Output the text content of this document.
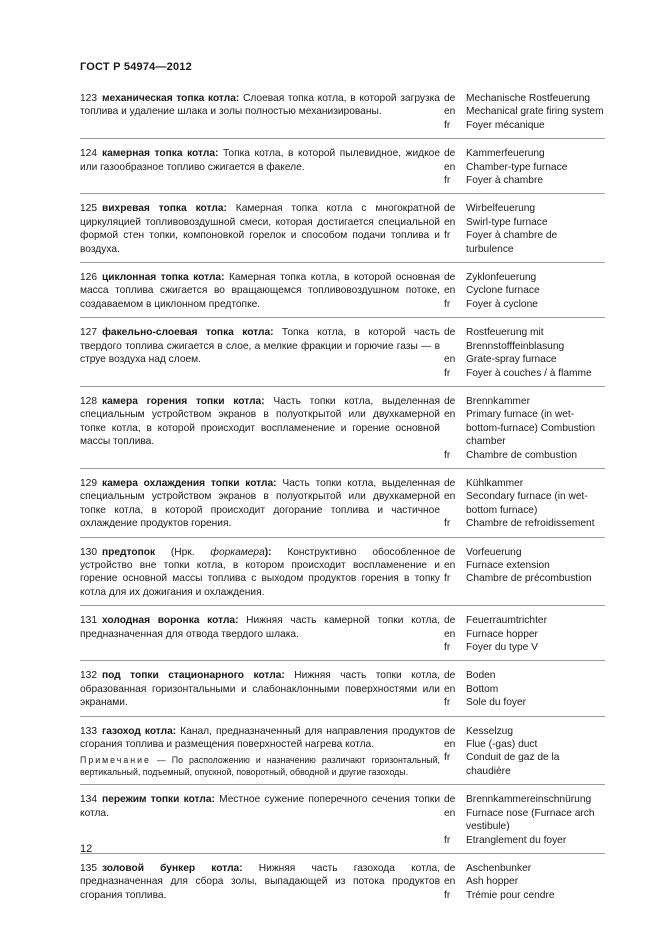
ГОСТ Р 54974—2012
123 механическая топка котла: Слоевая топка котла, в которой загрузка топлива и удаление шлака и золы полностью механизированы.
de	Mechanische Rostfeuerung
en	Mechanical grate firing system
fr	Foyer mécanique
124 камерная топка котла: Топка котла, в которой пылевидное, жидкое или газообразное топливо сжигается в факеле.
de	Kammerfeuerung
en	Chamber-type furnace
fr	Foyer à chambre
125 вихревая топка котла: Камерная топка котла с многократной циркуляцией топливовоздушной смеси, которая достигается специальной формой стен топки, компоновкой горелок и способом подачи топлива и воздуха.
de	Wirbelfeuerung
en	Swirl-type furnace
fr	Foyer à chambre de turbulence
126 циклонная топка котла: Камерная топка котла, в которой основная масса топлива сжигается во вращающемся топливовоздушном потоке, создаваемом в циклонном предтопке.
de	Zyklonfeuerung
en	Cyclone furnace
fr	Foyer à cyclone
127 факельно-слоевая топка котла: Топка котла, в которой часть твердого топлива сжигается в слое, а мелкие фракции и горючие газы — в струе воздуха над слоем.
de	Rostfeuerung mit Brennstofffeinblasung
en	Grate-spray furnace
fr	Foyer à couches / à flamme
128 камера горения топки котла: Часть топки котла, выделенная специальным устройством экранов в полуоткрытой или двухкамерной топке котла, в которой происходит воспламенение и горение основной массы топлива.
de	Brennkammer
en	Primary furnace (in wet-bottom-furnace) Combustion chamber
fr	Chambre de combustion
129 камера охлаждения топки котла: Часть топки котла, выделенная специальным устройством экранов в полуоткрытой или двухкамерной топке котла, в которой происходит догорание топлива и частичное охлаждение продуктов горения.
de	Kühlkammer
en	Secondary furnace (in wet-bottom furnace)
fr	Chambre de refroidissement
130 предтопок (Нрк. форкамера): Конструктивно обособленное устройство вне топки котла, в котором происходит воспламенение и горение основной массы топлива с выходом продуктов горения в топку котла для их дожигания и охлаждения.
de	Vorfeuerung
en	Furnace extension
fr	Chambre de précombustion
131 холодная воронка котла: Нижняя часть камерной топки котла, предназначенная для отвода твердого шлака.
de	Feuerraumtrichter
en	Furnace hopper
fr	Foyer du type V
132 под топки стационарного котла: Нижняя часть топки котла, образованная горизонтальными и слабонаклонными поверхностями или экранами.
de	Boden
en	Bottom
fr	Sole du foyer
133 газоход котла: Канал, предназначенный для направления продуктов сгорания топлива и размещения поверхностей нагрева котла.
Примечание — По расположению и назначению различают горизонтальный, вертикальный, подъемный, опускной, поворотный, обводной и другие газоходы.
de	Kesselzug
en	Flue (-gas) duct
fr	Conduit de gaz de la chaudière
134 пережим топки котла: Местное сужение поперечного сечения топки котла.
de	Brennkammereinschnürung
en	Furnace nose (Furnace arch vestibule)
fr	Etranglement du foyer
135 золовой бункер котла: Нижняя часть газохода котла, предназначенная для сбора золы, выпадающей из потока продуктов сгорания топлива.
de	Aschenbunker
en	Ash hopper
fr	Trémie pour cendre
12
